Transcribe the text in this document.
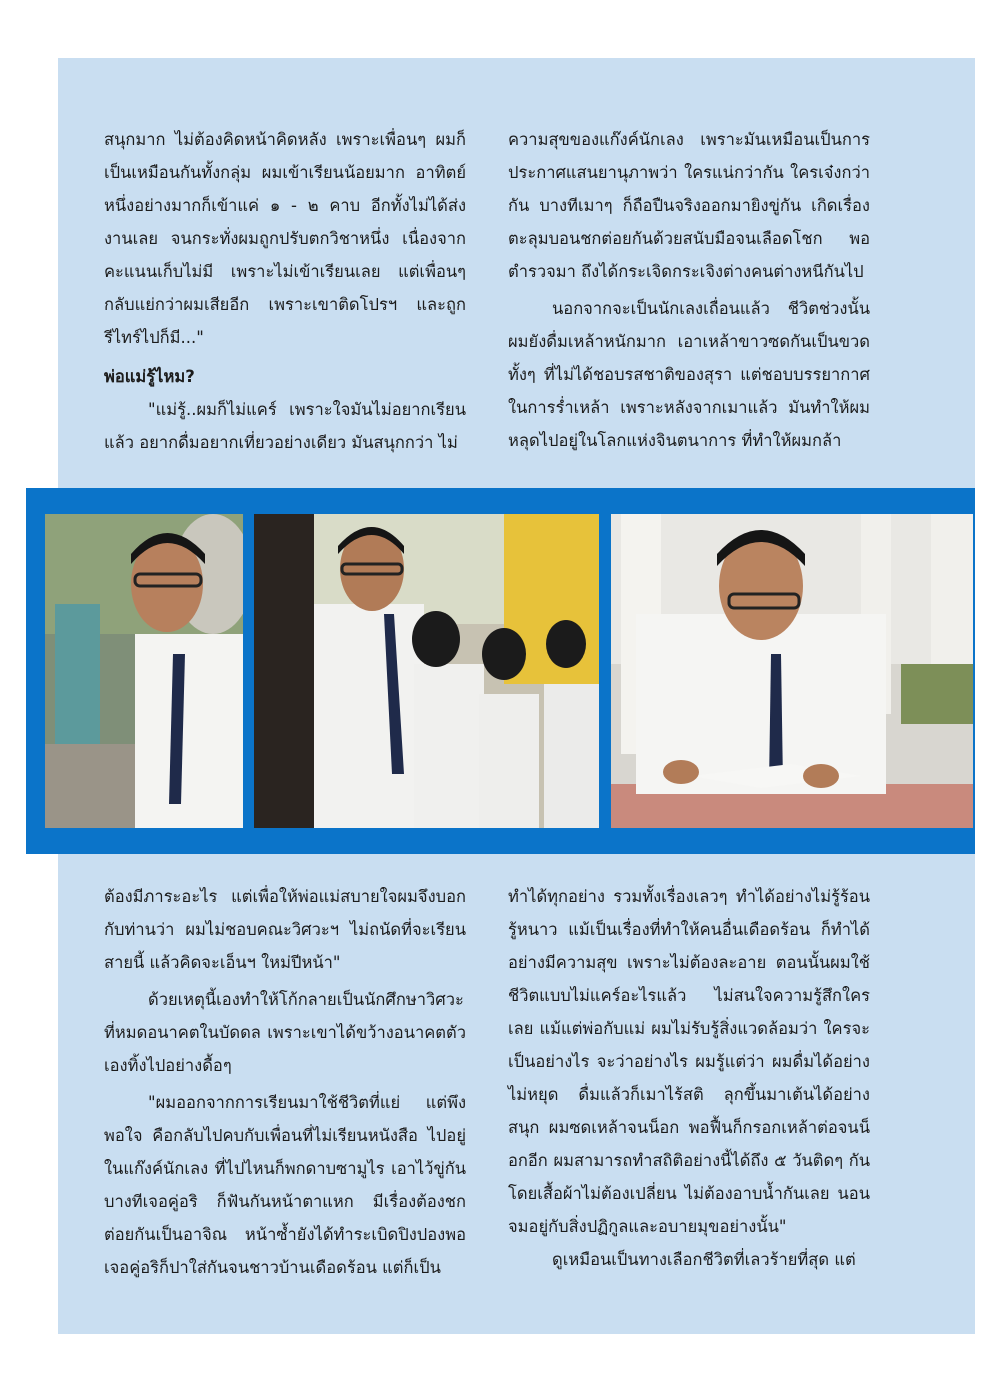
สนุกมาก ไม่ต้องคิดหน้าคิดหลัง เพราะเพื่อนๆ ผมก็เป็นเหมือนกันทั้งกลุ่ม ผมเข้าเรียนน้อยมาก อาทิตย์หนึ่งอย่างมากก็เข้าแค่ ๑ - ๒ คาบ อีกทั้งไม่ได้ส่งงานเลย จนกระทั่งผมถูกปรับตกวิชาหนึ่ง เนื่องจากคะแนนเก็บไม่มี เพราะไม่เข้าเรียนเลย แต่เพื่อนๆ กลับแย่กว่าผมเสียอีก เพราะเขาติดโปรฯ และถูกรีไทร์ไปก็มี..."

พ่อแม่รู้ไหม?

"แม่รู้..ผมก็ไม่แคร์ เพราะใจมันไม่อยากเรียนแล้ว อยากดื่มอยากเที่ยวอย่างเดียว มันสนุกกว่า ไม่

ความสุขของแก๊งค์นักเลง เพราะมันเหมือนเป็นการประกาศแสนยานุภาพว่า ใครแน่กว่ากัน ใครเจ๋งกว่ากัน บางทีเมาๆ ก็ถือปืนจริงออกมายิงขู่กัน เกิดเรื่องตะลุมบอนชกต่อยกันด้วยสนับมือจนเลือดโชก พอตำรวจมา ถึงได้กระเจิดกระเจิงต่างคนต่างหนีกันไป

นอกจากจะเป็นนักเลงเถื่อนแล้ว ชีวิตช่วงนั้นผมยังดื่มเหล้าหนักมาก เอาเหล้าขาวซดกันเป็นขวดทั้งๆ ที่ไม่ได้ชอบรสชาติของสุรา แต่ชอบบรรยากาศในการร่ำเหล้า เพราะหลังจากเมาแล้ว มันทำให้ผมหลุดไปอยู่ในโลกแห่งจินตนาการ ที่ทำให้ผมกล้า

ต้องมีภาระอะไร แต่เพื่อให้พ่อแม่สบายใจผมจึงบอกกับท่านว่า ผมไม่ชอบคณะวิศวะฯ ไม่ถนัดที่จะเรียนสายนี้ แล้วคิดจะเอ็นฯ ใหม่ปีหน้า"

ด้วยเหตุนี้เองทำให้โก้กลายเป็นนักศึกษาวิศวะที่หมดอนาคตในบัดดล เพราะเขาได้ขว้างอนาคตตัวเองทิ้งไปอย่างดื้อๆ

"ผมออกจากการเรียนมาใช้ชีวิตที่แย่ แต่พึงพอใจ คือกลับไปคบกับเพื่อนที่ไม่เรียนหนังสือ ไปอยู่ในแก๊งค์นักเลง ที่ไปไหนก็พกดาบซามูไร เอาไว้ขู่กัน บางทีเจอคู่อริ ก็ฟันกันหน้าตาแหก มีเรื่องต้องชกต่อยกันเป็นอาจิณ หน้าซ้ำยังได้ทำระเบิดปิงปองพอเจอคู่อริก็ปาใส่กันจนชาวบ้านเดือดร้อน แต่ก็เป็น

ทำได้ทุกอย่าง รวมทั้งเรื่องเลวๆ ทำได้อย่างไม่รู้ร้อนรู้หนาว แม้เป็นเรื่องที่ทำให้คนอื่นเดือดร้อน ก็ทำได้อย่างมีความสุข เพราะไม่ต้องละอาย ตอนนั้นผมใช้ชีวิตแบบไม่แคร์อะไรแล้ว ไม่สนใจความรู้สึกใครเลย แม้แต่พ่อกับแม่ ผมไม่รับรู้สิ่งแวดล้อมว่า ใครจะเป็นอย่างไร จะว่าอย่างไร ผมรู้แต่ว่า ผมดื่มได้อย่างไม่หยุด ดื่มแล้วก็เมาไร้สติ ลุกขึ้นมาเต้นได้อย่างสนุก ผมซดเหล้าจนน็อก พอฟื้นก็กรอกเหล้าต่อจนน็อกอีก ผมสามารถทำสถิติอย่างนี้ได้ถึง ๕ วันติดๆ กัน โดยเสื้อผ้าไม่ต้องเปลี่ยน ไม่ต้องอาบน้ำกันเลย นอนจมอยู่กับสิ่งปฏิกูลและอบายมุขอย่างนั้น"

ดูเหมือนเป็นทางเลือกชีวิตที่เลวร้ายที่สุด แต่
